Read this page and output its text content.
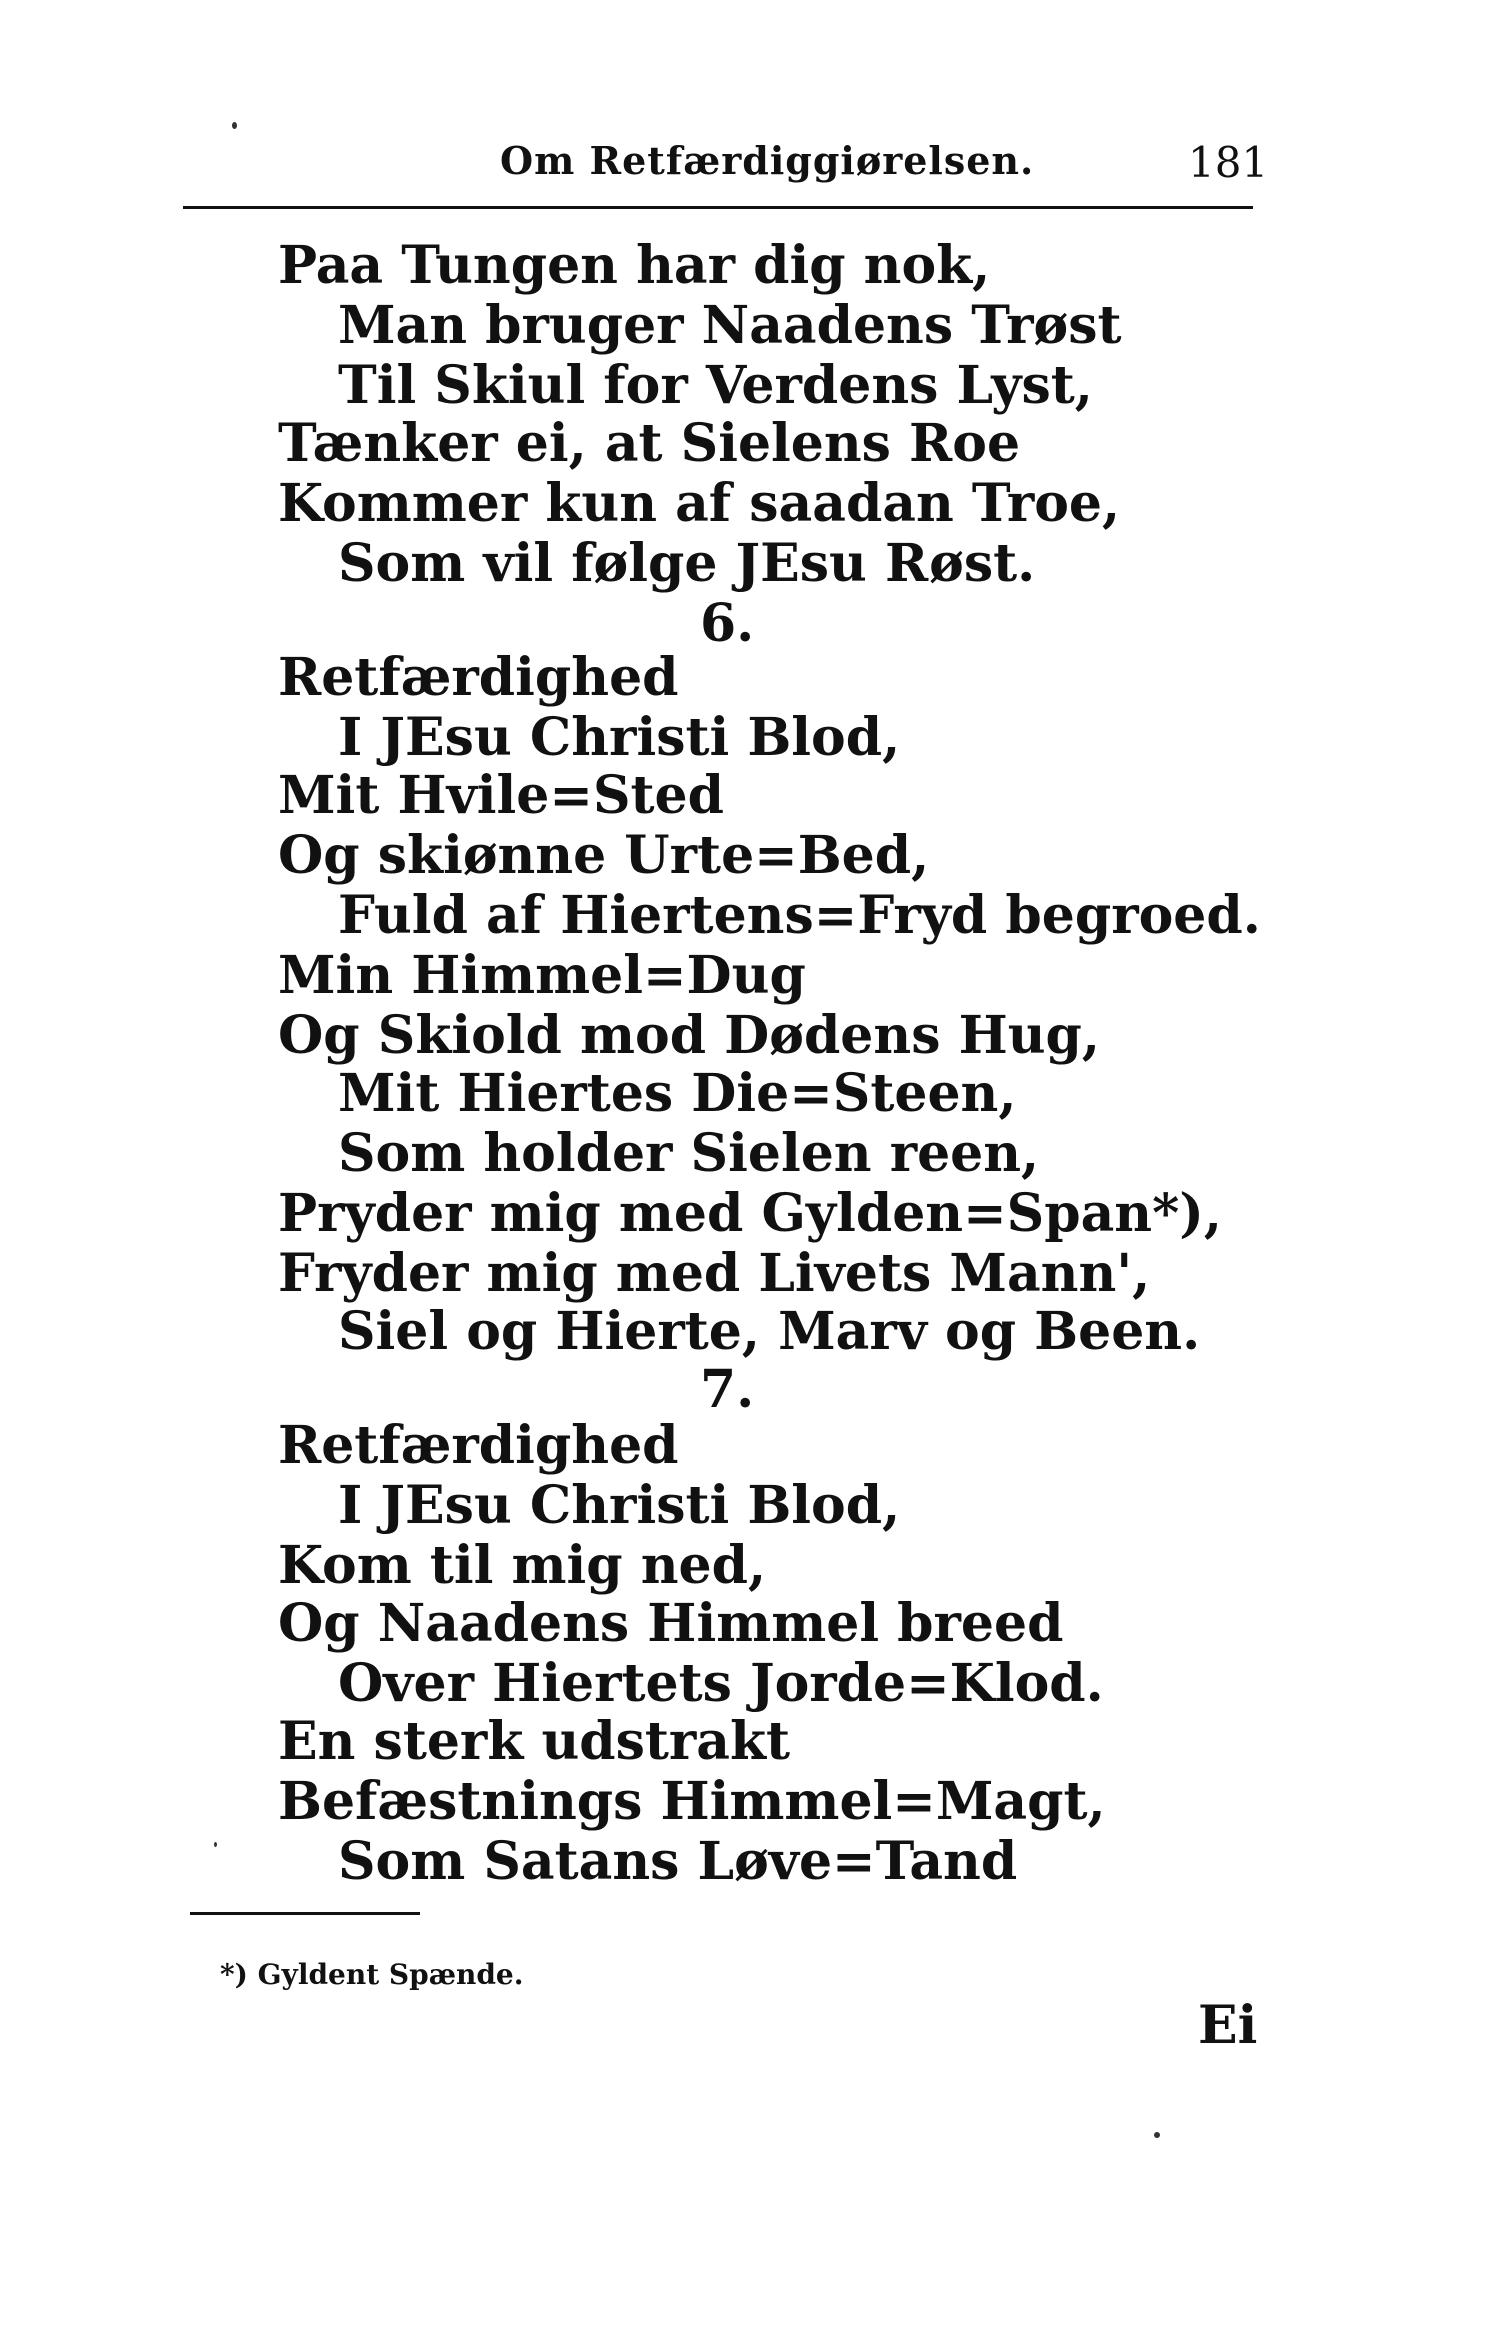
Om Retfærdiggiørelsen.	181
Paa Tungen har dig nok,
Man bruger Naadens Trøst
Til Skiul for Verdens Lyst,
Tænker ei, at Sielens Roe
Kommer kun af saadan Troe,
Som vil følge JEsu Røst.
6.
Retfærdighed
I JEsu Christi Blod,
Mit Hvile=Sted
Og skiønne Urte=Bed,
Fuld af Hiertens=Fryd begroed.
Min Himmel=Dug
Og Skiold mod Dødens Hug,
Mit Hiertes Die=Steen,
Som holder Sielen reen,
Pryder mig med Gylden=Span*),
Fryder mig med Livets Mann',
Siel og Hierte, Marv og Been.
7.
Retfærdighed
I JEsu Christi Blod,
Kom til mig ned,
Og Naadens Himmel breed
Over Hiertets Jorde=Klod.
En sterk udstrakt
Befæstnings Himmel=Magt,
Som Satans Løve=Tand
*) Gyldent Spænde.
Ei
